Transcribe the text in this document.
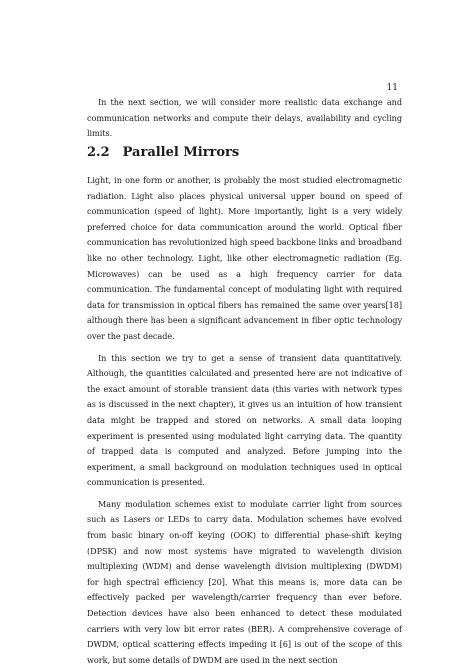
11

In the next section, we will consider more realistic data exchange and communication networks and compute their delays, availability and cycling limits.

2.2 Parallel Mirrors

Light, in one form or another, is probably the most studied electromagnetic radiation. Light also places physical universal upper bound on speed of communication (speed of light). More importantly, light is a very widely preferred choice for data communication around the world. Optical fiber communication has revolutionized high speed backbone links and broadband like no other technology. Light, like other electromagnetic radiation (Eg. Microwaves) can be used as a high frequency carrier for data communication. The fundamental concept of modulating light with required data for transmission in optical fibers has remained the same over years[18] although there has been a significant advancement in fiber optic technology over the past decade.

In this section we try to get a sense of transient data quantitatively. Although, the quantities calculated and presented here are not indicative of the exact amount of storable transient data (this varies with network types as is discussed in the next chapter), it gives us an intuition of how transient data might be trapped and stored on networks. A small data looping experiment is presented using modulated light carrying data. The quantity of trapped data is computed and analyzed. Before jumping into the experiment, a small background on modulation techniques used in optical communication is presented.

Many modulation schemes exist to modulate carrier light from sources such as Lasers or LEDs to carry data. Modulation schemes have evolved from basic binary on-off keying (OOK) to differential phase-shift keying (DPSK) and now most systems have migrated to wavelength division multiplexing (WDM) and dense wavelength division multiplexing (DWDM) for high spectral efficiency [20]. What this means is, more data can be effectively packed per wavelength/carrier frequency than ever before. Detection devices have also been enhanced to detect these modulated carriers with very low bit error rates (BER). A comprehensive coverage of DWDM, optical scattering effects impeding it [6] is out of the scope of this work, but some details of DWDM are used in the next section
